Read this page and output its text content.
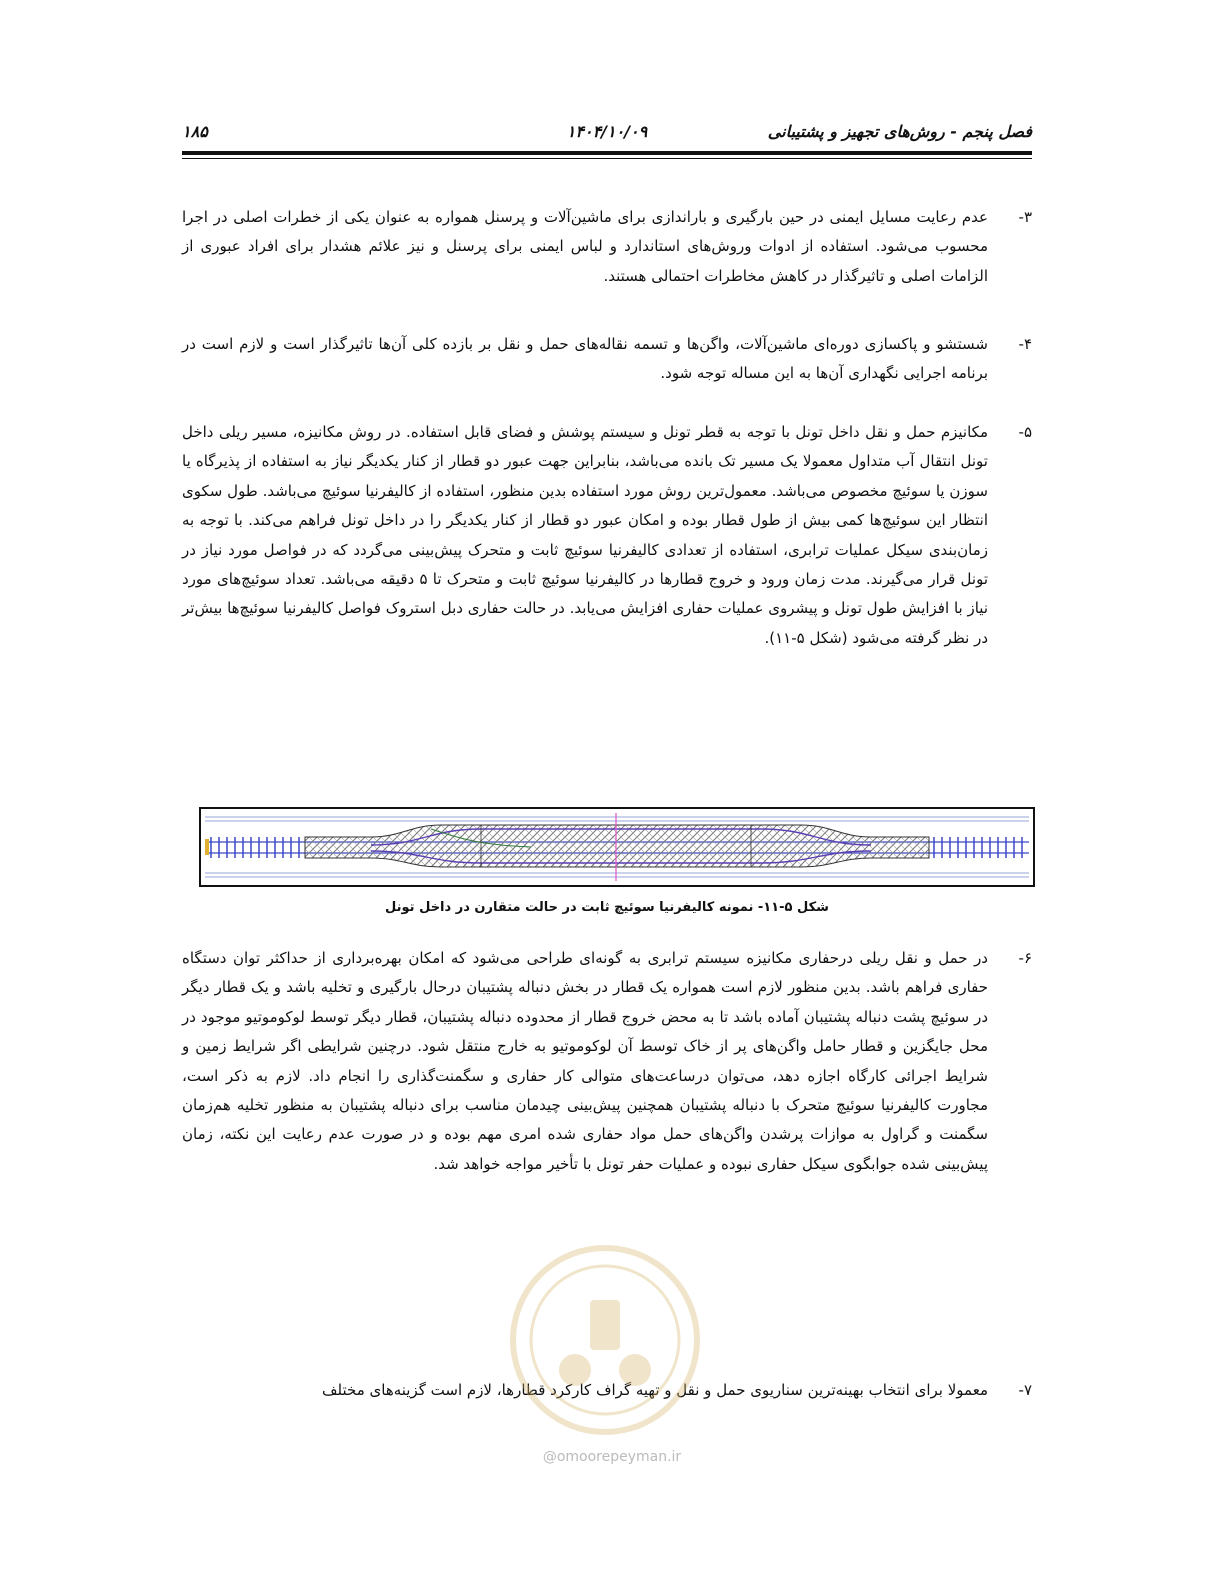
فصل پنجم - روش‌های تجهیز و پشتیبانی
۱۴۰۴/۱۰/۰۹
۱۸۵
۳-
عدم رعایت مسایل ایمنی در حین بارگیری و باراندازی برای ماشین‌آلات و پرسنل همواره به عنوان یکی از خطرات اصلی در اجرا محسوب می‌شود. استفاده از ادوات وروش‌های استاندارد و لباس ایمنی برای پرسنل و نیز علائم هشدار برای افراد عبوری از الزامات اصلی و تاثیرگذار در کاهش مخاطرات احتمالی هستند.
۴-
شستشو و پاکسازی دوره‌ای ماشین‌آلات، واگن‌ها و تسمه نقاله‌های حمل و نقل بر بازده کلی آن‌ها تاثیرگذار است و لازم است در برنامه اجرایی نگهداری آن‌ها به این مساله توجه شود.
۵-
مکانیزم حمل و نقل داخل تونل با توجه به قطر تونل و سیستم پوشش و فضای قابل استفاده. در روش مکانیزه، مسیر ریلی داخل تونل انتقال آب متداول معمولا یک مسیر تک بانده می‌باشد، بنابراین جهت عبور دو قطار از کنار یکدیگر نیاز به استفاده از پذیرگاه یا سوزن یا سوئیچ مخصوص می‌باشد. معمول‌ترین روش مورد استفاده بدین منظور، استفاده از کالیفرنیا سوئیچ می‌باشد. طول سکوی انتظار این سوئیچ‌ها کمی بیش از طول قطار بوده و امکان عبور دو قطار از کنار یکدیگر را در داخل تونل فراهم می‌کند. با توجه به زمان‌بندی سیکل عملیات ترابری، استفاده از تعدادی کالیفرنیا سوئیچ ثابت و متحرک پیش‌بینی می‌گردد که در فواصل مورد نیاز در تونل قرار می‌گیرند. مدت زمان ورود و خروج قطارها در کالیفرنیا سوئیچ ثابت و متحرک تا ۵ دقیقه می‌باشد. تعداد سوئیچ‌های مورد نیاز با افزایش طول تونل و پیشروی عملیات حفاری افزایش می‌یابد. در حالت حفاری دبل استروک فواصل کالیفرنیا سوئیچ‌ها بیش‌تر در نظر گرفته می‌شود (شکل ۵-۱۱).
شکل ۵-۱۱- نمونه کالیفرنیا سوئیچ ثابت در حالت متقارن در داخل تونل
۶-
در حمل و نقل ریلی درحفاری مکانیزه سیستم ترابری به گونه‌ای طراحی می‌شود که امکان بهره‌برداری از حداکثر توان دستگاه حفاری فراهم باشد. بدین منظور لازم است همواره یک قطار در بخش دنباله پشتیبان درحال بارگیری و تخلیه باشد و یک قطار دیگر در سوئیچ پشت دنباله پشتیبان آماده باشد تا به محض خروج قطار از محدوده دنباله پشتیبان، قطار دیگر توسط لوکوموتیو موجود در محل جایگزین و قطار حامل واگن‌های پر از خاک توسط آن لوکوموتیو به خارج منتقل شود. درچنین شرایطی اگر شرایط زمین و شرایط اجرائی کارگاه اجازه دهد، می‌توان درساعت‌های متوالی کار حفاری و سگمنت‌گذاری را انجام داد. لازم به ذکر است، مجاورت کالیفرنیا سوئیچ متحرک با دنباله پشتیبان همچنین پیش‌بینی چیدمان مناسب برای دنباله پشتیبان به منظور تخلیه هم‌زمان سگمنت و گراول به موازات پرشدن واگن‌های حمل مواد حفاری شده امری مهم بوده و در صورت عدم رعایت این نکته، زمان پیش‌بینی شده جوابگوی سیکل حفاری نبوده و عملیات حفر تونل با تأخیر مواجه خواهد شد.
۷-
معمولا برای انتخاب بهینه‌ترین سناریوی حمل و نقل و تهیه گراف کارکرد قطارها، لازم است گزینه‌های مختلف
@omoorepeyman.ir
